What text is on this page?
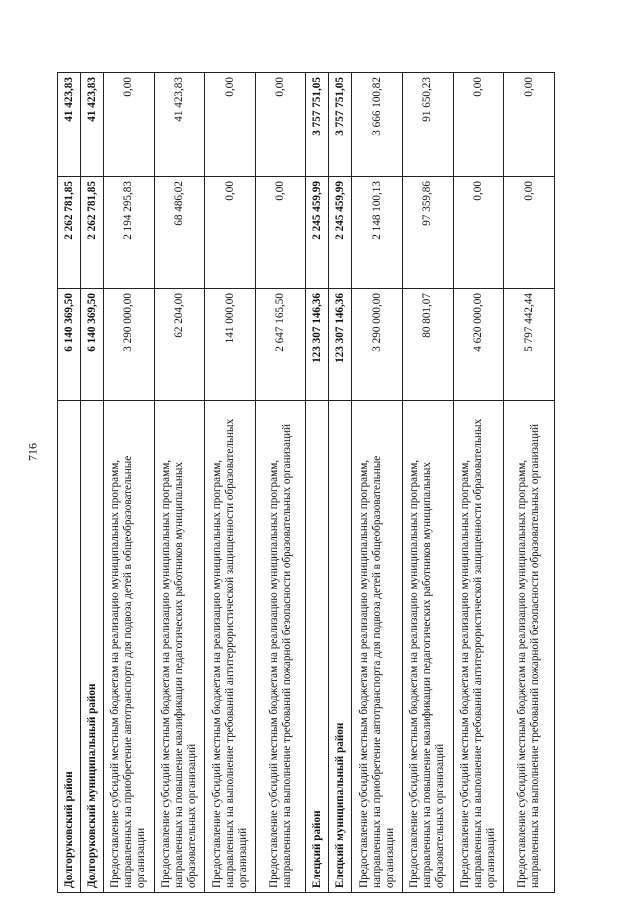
716
Долгоруковский район	6 140 369,50	2 262 781,85	41 423,83
Долгоруковский муниципальный район	6 140 369,50	2 262 781,85	41 423,83
Предоставление субсидий местным бюджетам на реализацию муниципальных программ, направленных на приобретение автотранспорта для подвоза детей в общеобразовательные организации	3 290 000,00	2 194 295,83	0,00
Предоставление субсидий местным бюджетам на реализацию муниципальных программ, направленных на повышение квалификации педагогических работников муниципальных образовательных организаций	62 204,00	68 486,02	41 423,83
Предоставление субсидий местным бюджетам на реализацию муниципальных программ, направленных на выполнение требований антитеррористической защищенности образовательных организаций	141 000,00	0,00	0,00
Предоставление субсидий местным бюджетам на реализацию муниципальных программ, направленных на выполнение требований пожарной безопасности образовательных организаций	2 647 165,50	0,00	0,00
Елецкий район	123 307 146,36	2 245 459,99	3 757 751,05
Елецкий муниципальный район	123 307 146,36	2 245 459,99	3 757 751,05
Предоставление субсидий местным бюджетам на реализацию муниципальных программ, направленных на приобретение автотранспорта для подвоза детей в общеобразовательные организации	3 290 000,00	2 148 100,13	3 666 100,82
Предоставление субсидий местным бюджетам на реализацию муниципальных программ, направленных на повышение квалификации педагогических работников муниципальных образовательных организаций	80 801,07	97 359,86	91 650,23
Предоставление субсидий местным бюджетам на реализацию муниципальных программ, направленных на выполнение требований антитеррористической защищенности образовательных организаций	4 620 000,00	0,00	0,00
Предоставление субсидий местным бюджетам на реализацию муниципальных программ, направленных на выполнение требований пожарной безопасности образовательных организаций	5 797 442,44	0,00	0,00
